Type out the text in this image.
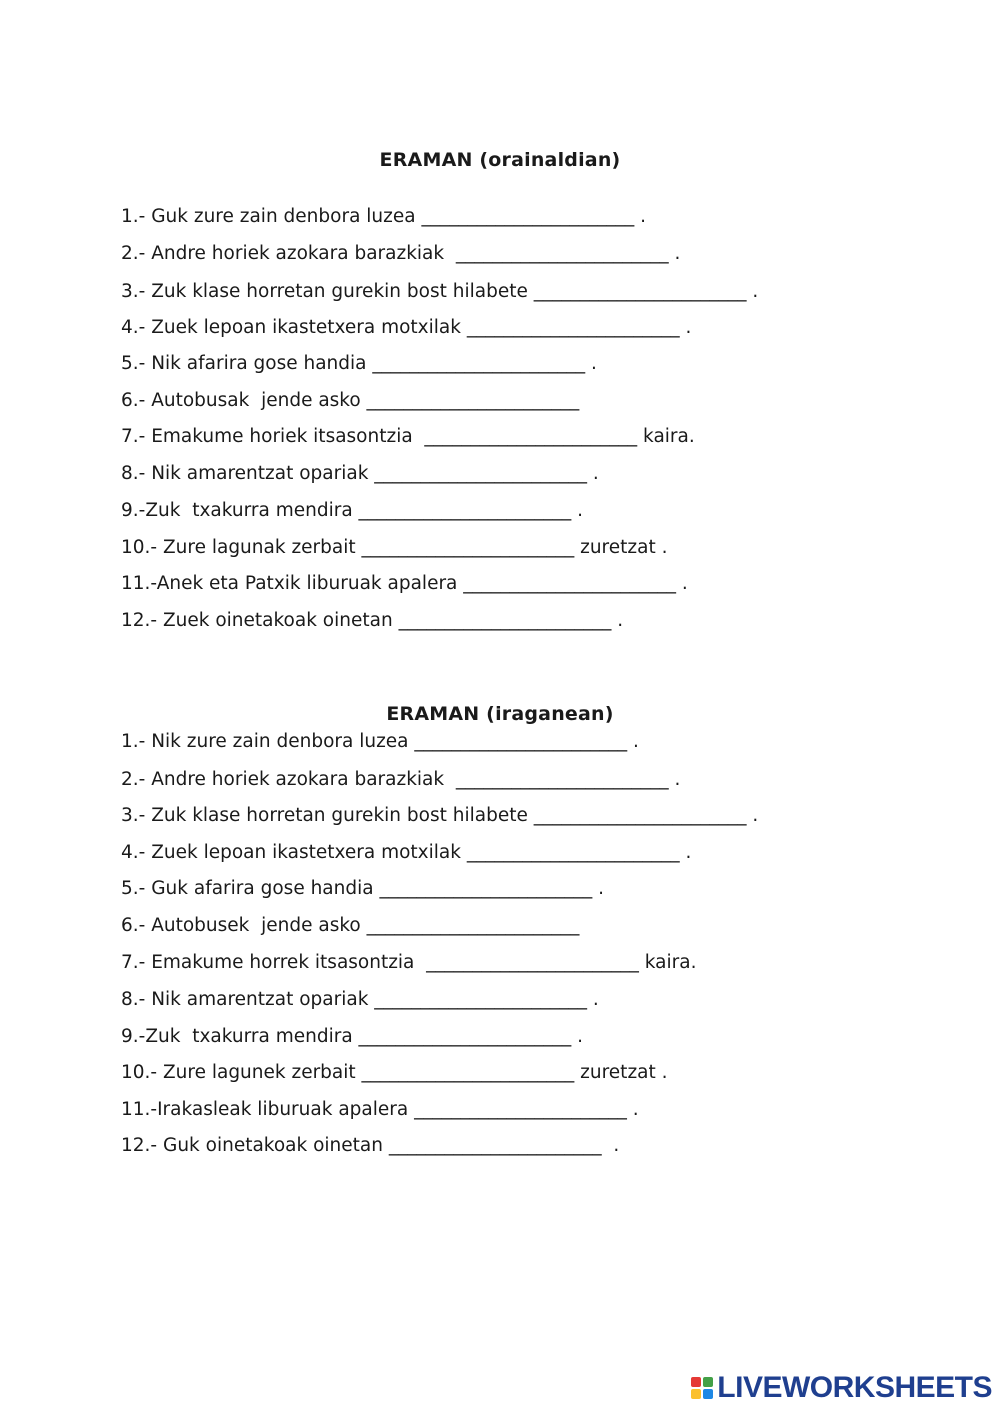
ERAMAN (orainaldian)
1.- Guk zure zain denbora luzea _______________________ .
2.- Andre horiek azokara barazkiak  _______________________ .
3.- Zuk klase horretan gurekin bost hilabete _______________________ .
4.- Zuek lepoan ikastetxera motxilak _______________________ .
5.- Nik afarira gose handia _______________________ .
6.- Autobusak  jende asko _______________________
7.- Emakume horiek itsasontzia  _______________________ kaira.
8.- Nik amarentzat opariak _______________________ .
9.-Zuk  txakurra mendira _______________________ .
10.- Zure lagunak zerbait _______________________ zuretzat .
11.-Anek eta Patxik liburuak apalera _______________________ .
12.- Zuek oinetakoak oinetan _______________________ .
ERAMAN (iraganean)
1.- Nik zure zain denbora luzea _______________________ .
2.- Andre horiek azokara barazkiak  _______________________ .
3.- Zuk klase horretan gurekin bost hilabete _______________________ .
4.- Zuek lepoan ikastetxera motxilak _______________________ .
5.- Guk afarira gose handia _______________________ .
6.- Autobusek  jende asko _______________________
7.- Emakume horrek itsasontzia  _______________________ kaira.
8.- Nik amarentzat opariak _______________________ .
9.-Zuk  txakurra mendira _______________________ .
10.- Zure lagunek zerbait _______________________ zuretzat .
11.-Irakasleak liburuak apalera _______________________ .
12.- Guk oinetakoak oinetan _______________________  .
LIVEWORKSHEETS
